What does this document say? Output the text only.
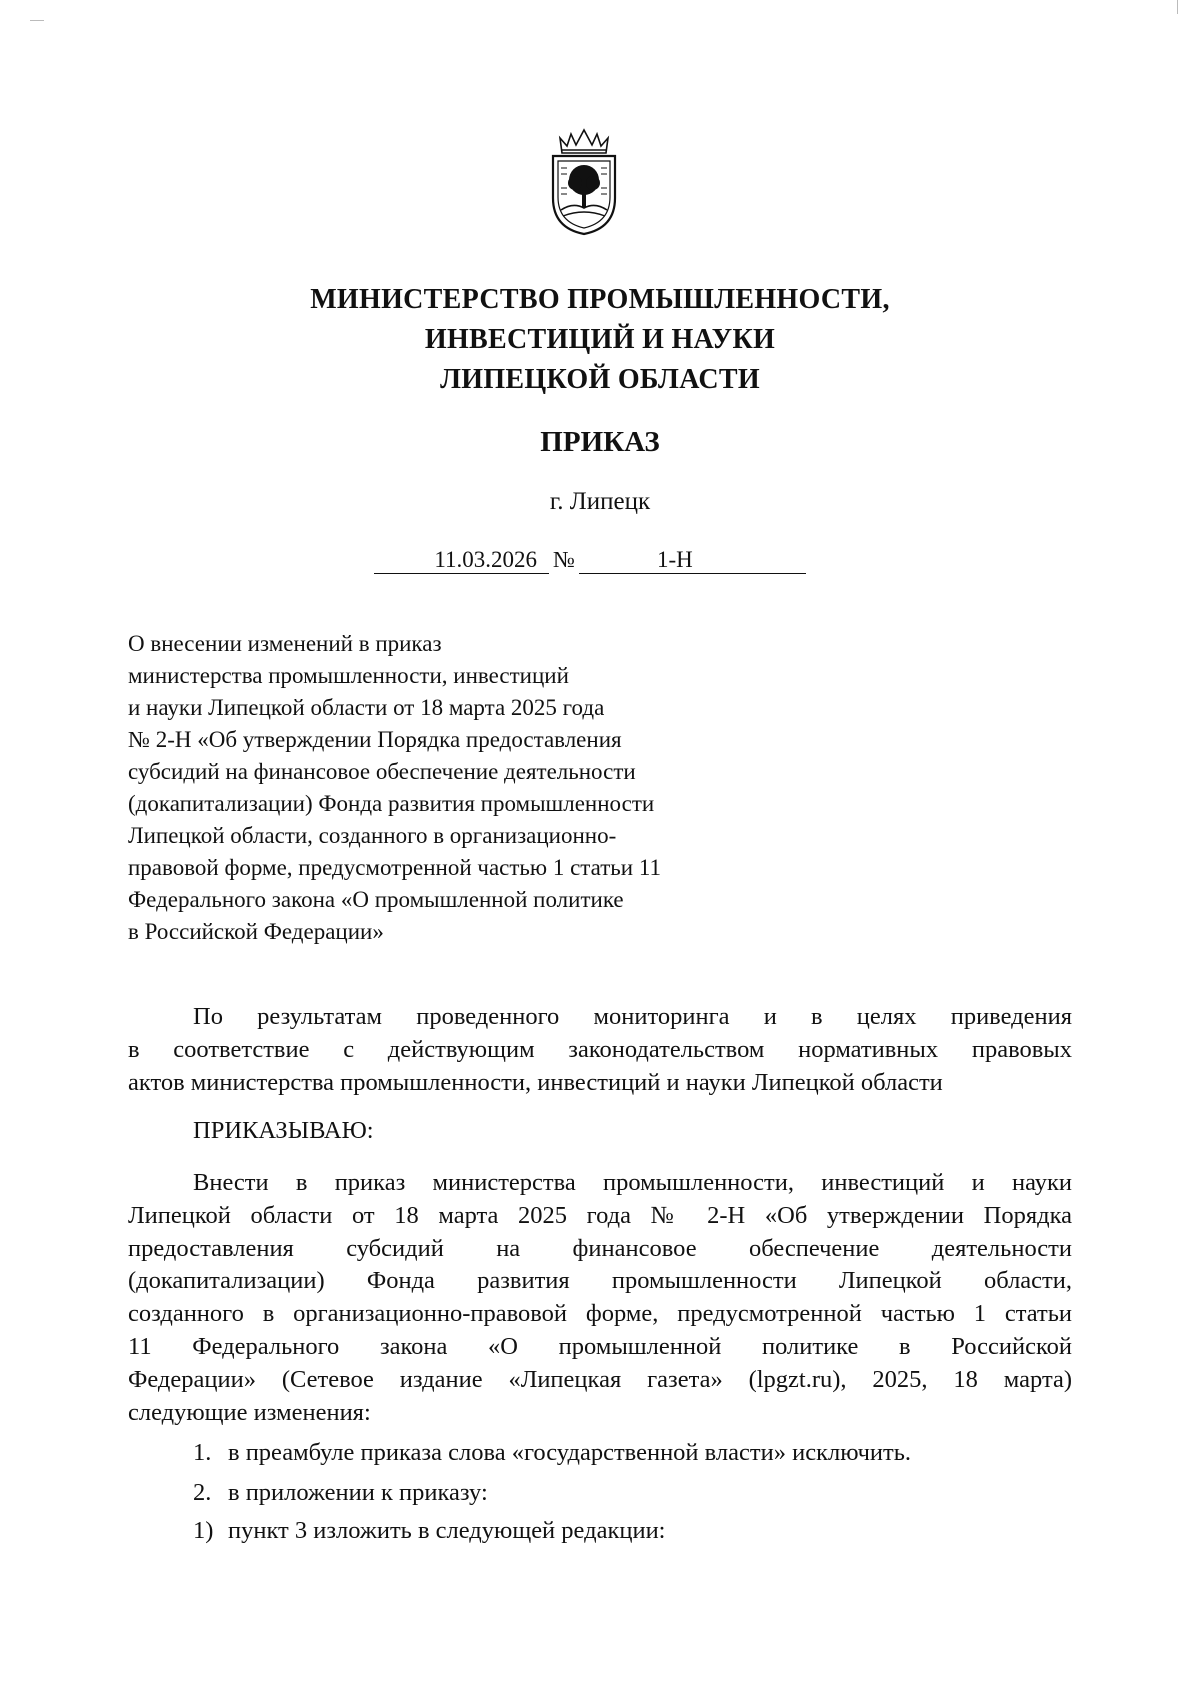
МИНИСТЕРСТВО ПРОМЫШЛЕННОСТИ,
ИНВЕСТИЦИЙ И НАУКИ
ЛИПЕЦКОЙ ОБЛАСТИ
ПРИКАЗ
г. Липецк
11.03.2026 №	1-Н
О внесении изменений в приказ
министерства промышленности, инвестиций
и науки Липецкой области от 18 марта 2025 года
№ 2-Н «Об утверждении Порядка предоставления
субсидий на финансовое обеспечение деятельности
(докапитализации) Фонда развития промышленности
Липецкой области, созданного в организационно-
правовой форме, предусмотренной частью 1 статьи 11
Федерального закона «О промышленной политике
в Российской Федерации»
По результатам проведенного мониторинга и в целях приведения
в соответствие с действующим законодательством нормативных правовых
актов министерства промышленности, инвестиций и науки Липецкой области
ПРИКАЗЫВАЮ:
Внести в приказ министерства промышленности, инвестиций и науки
Липецкой области от 18 марта 2025 года № 2-Н «Об утверждении Порядка
предоставления субсидий на финансовое обеспечение деятельности
(докапитализации) Фонда развития промышленности Липецкой области,
созданного в организационно-правовой форме, предусмотренной частью 1 статьи
11 Федерального закона «О промышленной политике в Российской
Федерации» (Сетевое издание «Липецкая газета» (lpgzt.ru), 2025, 18 марта)
следующие изменения:
1. в преамбуле приказа слова «государственной власти» исключить.
2. в приложении к приказу:
1) пункт 3 изложить в следующей редакции:
